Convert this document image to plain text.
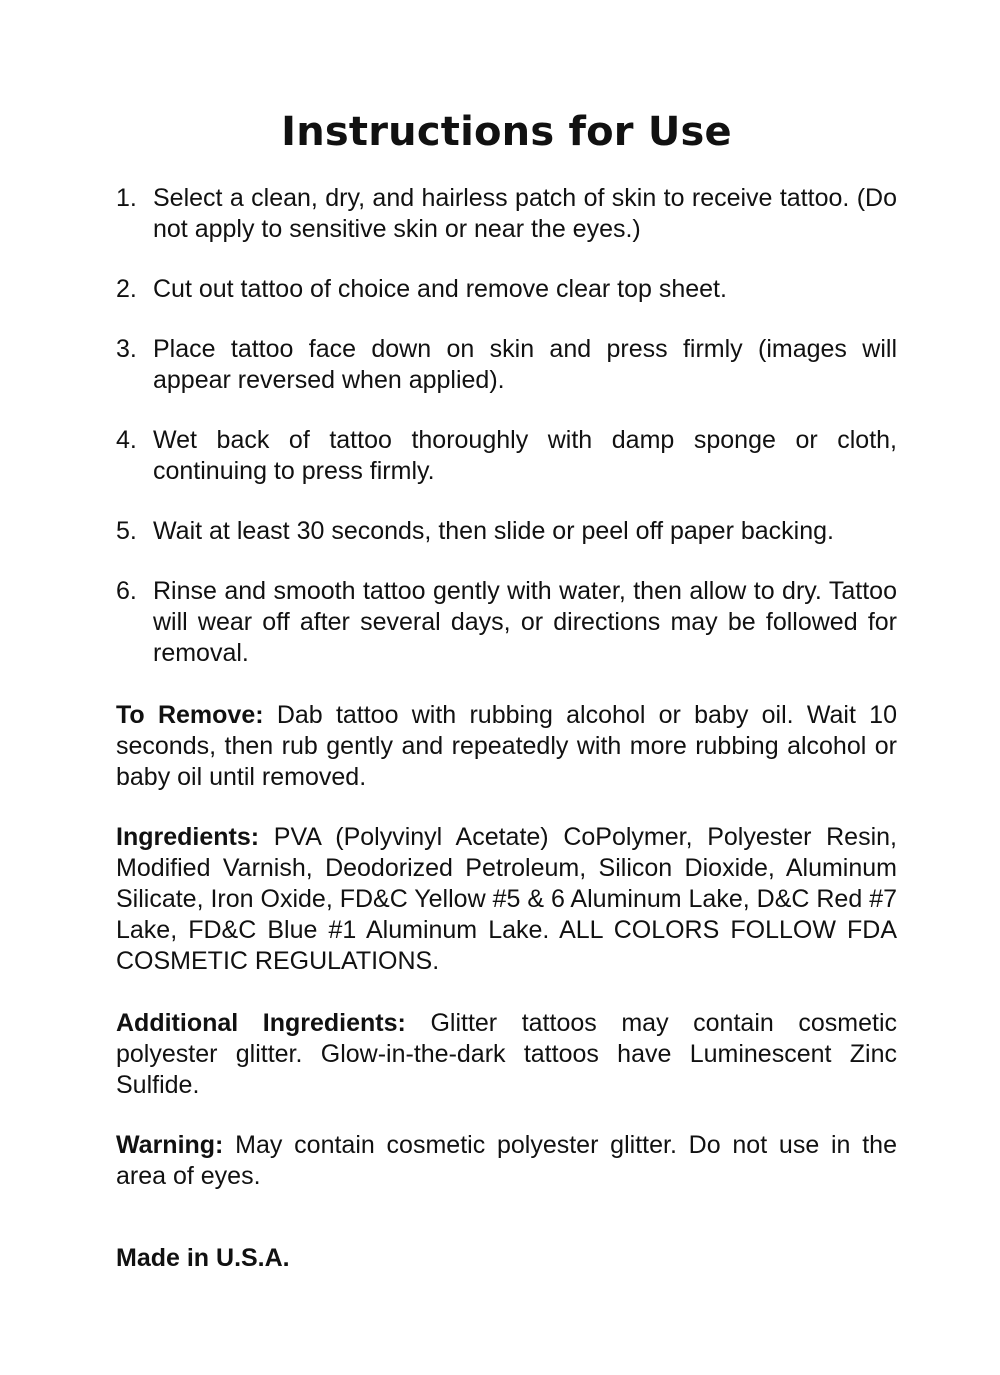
Instructions for Use
1. Select a clean, dry, and hairless patch of skin to receive tattoo. (Do not apply to sensitive skin or near the eyes.)
2. Cut out tattoo of choice and remove clear top sheet.
3. Place tattoo face down on skin and press firmly (images will appear reversed when applied).
4. Wet back of tattoo thoroughly with damp sponge or cloth, continuing to press firmly.
5. Wait at least 30 seconds, then slide or peel off paper backing.
6. Rinse and smooth tattoo gently with water, then allow to dry. Tattoo will wear off after several days, or directions may be followed for removal.

To Remove: Dab tattoo with rubbing alcohol or baby oil. Wait 10 seconds, then rub gently and repeatedly with more rubbing alcohol or baby oil until removed.

Ingredients: PVA (Polyvinyl Acetate) CoPolymer, Polyester Resin, Modified Varnish, Deodorized Petroleum, Silicon Dioxide, Aluminum Silicate, Iron Oxide, FD&C Yellow #5 & 6 Aluminum Lake, D&C Red #7 Lake, FD&C Blue #1 Aluminum Lake. ALL COLORS FOLLOW FDA COSMETIC REGULATIONS.

Additional Ingredients: Glitter tattoos may contain cosmetic polyester glitter. Glow-in-the-dark tattoos have Luminescent Zinc Sulfide.

Warning: May contain cosmetic polyester glitter. Do not use in the area of eyes.

Made in U.S.A.
